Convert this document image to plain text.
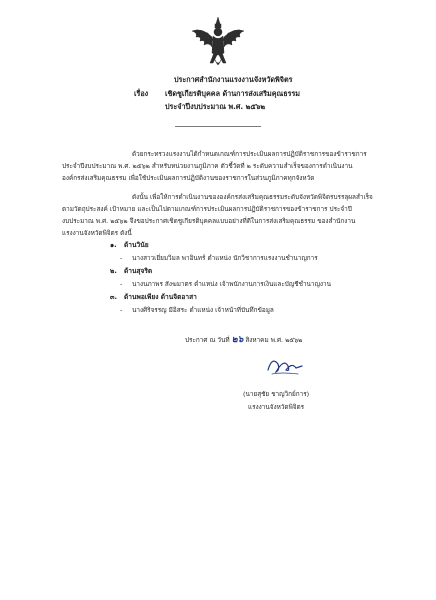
ประกาศสำนักงานแรงงานจังหวัดพิจิตร
เรื่อง เชิดชูเกียรติบุคคล ด้านการส่งเสริมคุณธรรม
ประจำปีงบประมาณ พ.ศ. ๒๕๖๒
ด้วยกระทรวงแรงงานได้กำหนดเกณฑ์การประเมินผลการปฏิบัติราชการของข้าราชการ
ประจำปีงบประมาณ พ.ศ. ๒๕๖๒ สำหรับหน่วยงานภูมิภาค ตัวชี้วัดที่ ๒ ระดับความสำเร็จของการดำเนินงาน
องค์กรส่งเสริมคุณธรรม เพื่อใช้ประเมินผลการปฏิบัติงานของราชการในส่วนภูมิภาคทุกจังหวัด
ดังนั้น เพื่อให้การดำเนินงานขององค์กรส่งเสริมคุณธรรมระดับจังหวัดพิจิตรบรรลุผลสำเร็จ
ตามวัตถุประสงค์ เป้าหมาย และเป็นไปตามเกณฑ์การประเมินผลการปฏิบัติราชการของข้าราชการ ประจำปี
งบประมาณ พ.ศ. ๒๕๖๒ จึงขอประกาศเชิดชูเกียรติบุคคลแบบอย่างที่ดีในการส่งเสริมคุณธรรม ของสำนักงาน
แรงงานจังหวัดพิจิตร ดังนี้
๑. ด้านวินัย
- นางสาวเยี่ยมวิมล พาอินทร์ ตำแหน่ง นักวิชาการแรงงานชำนาญการ
๒. ด้านสุจริต
- นางนภาพร สังฆมาตร ตำแหน่ง เจ้าพนักงานการเงินและบัญชีชำนาญงาน
๓. ด้านพอเพียง ด้านจิตอาสา
- นางศิริจรรญ มีอิสระ ตำแหน่ง เจ้าหน้าที่บันทึกข้อมูล
ประกาศ ณ วันที่ ๒๖ สิงหาคม พ.ศ. ๒๕๖๒
(นายสุชัย ชาญวิกย์การ)
แรงงานจังหวัดพิจิตร
